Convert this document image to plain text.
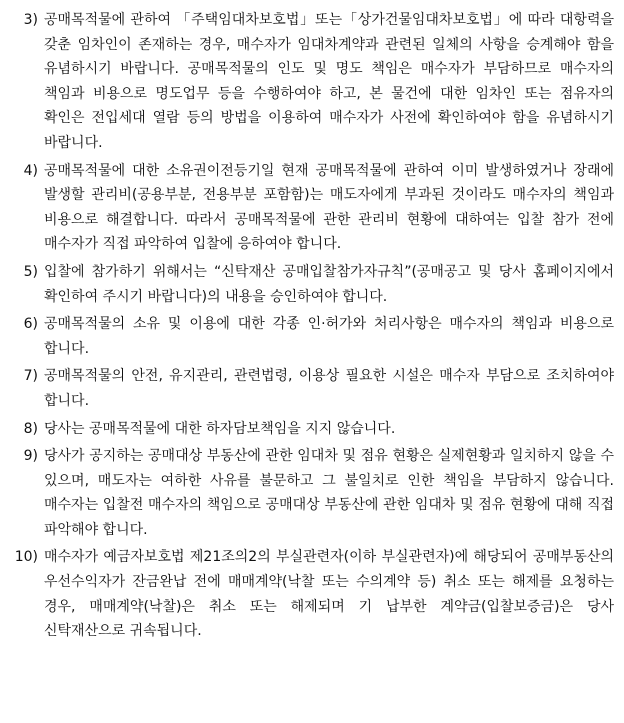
3) 공매목적물에 관하여 「주택임대차보호법」또는「상가건물임대차보호법」에 따라 대항력을 갖춘 임차인이 존재하는 경우, 매수자가 임대차계약과 관련된 일체의 사항을 승계해야 함을 유념하시기 바랍니다. 공매목적물의 인도 및 명도 책임은 매수자가 부담하므로 매수자의 책임과 비용으로 명도업무 등을 수행하여야 하고, 본 물건에 대한 임차인 또는 점유자의 확인은 전입세대 열람 등의 방법을 이용하여 매수자가 사전에 확인하여야 함을 유념하시기 바랍니다.
4) 공매목적물에 대한 소유권이전등기일 현재 공매목적물에 관하여 이미 발생하였거나 장래에 발생할 관리비(공용부분, 전용부분 포함함)는 매도자에게 부과된 것이라도 매수자의 책임과 비용으로 해결합니다. 따라서 공매목적물에 관한 관리비 현황에 대하여는 입찰 참가 전에 매수자가 직접 파악하여 입찰에 응하여야 합니다.
5) 입찰에 참가하기 위해서는 “신탁재산 공매입찰참가자규칙”(공매공고 및 당사 홈페이지에서 확인하여 주시기 바랍니다)의 내용을 승인하여야 합니다.
6) 공매목적물의 소유 및 이용에 대한 각종 인·허가와 처리사항은 매수자의 책임과 비용으로 합니다.
7) 공매목적물의 안전, 유지관리, 관련법령, 이용상 필요한 시설은 매수자 부담으로 조치하여야 합니다.
8) 당사는 공매목적물에 대한 하자담보책임을 지지 않습니다.
9) 당사가 공지하는 공매대상 부동산에 관한 임대차 및 점유 현황은 실제현황과 일치하지 않을 수 있으며, 매도자는 여하한 사유를 불문하고 그 불일치로 인한 책임을 부담하지 않습니다. 매수자는 입찰전 매수자의 책임으로 공매대상 부동산에 관한 임대차 및 점유 현황에 대해 직접 파악해야 합니다.
10) 매수자가 예금자보호법 제21조의2의 부실관련자(이하 부실관련자)에 해당되어 공매부동산의 우선수익자가 잔금완납 전에 매매계약(낙찰 또는 수의계약 등) 취소 또는 해제를 요청하는 경우, 매매계약(낙찰)은 취소 또는 해제되며 기 납부한 계약금(입찰보증금)은 당사 신탁재산으로 귀속됩니다.
